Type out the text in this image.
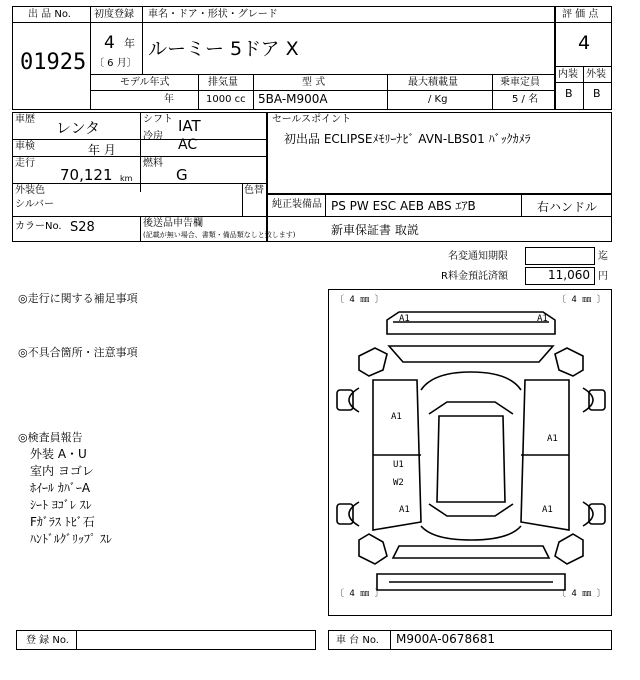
出 品 No.
01925
初度登録
4 年
〔 6 月〕
車名・ドア・形状・グレード
ルーミー 5ドア X
モデル年式
年
排気量
1000 cc
型 式
5BA-M900A
最大積載量
/ Kg
乗車定員
5 / 名
評 価 点
4
内装 外装
B B
車歴 レンタ	シフト IAT
車検	年 月
冷房
AC
走行
70,121 km
燃料
G
外装色
シルバー
色替
カラーNo. S28	後送品申告欄
(記載が無い場合、書類・備品類なしと致します)
セールスポイント
初出品 ECLIPSEﾒﾓﾘｰﾅﾋﾞ AVN-LBS01 ﾊﾞｯｸｶﾒﾗ
純正装備品 PS PW ESC AEB ABS ｴｱB	右ハンドル
新車保証書 取説
名変通知期限	迄
R料金預託済額	11,060 円
◎走行に関する補足事項
◎不具合箇所・注意事項
◎検査員報告
外装 A・U
室内 ヨゴレ
ﾎｲｰﾙ ｶﾊﾞｰA
ｼｰﾄ ﾖｺﾞﾚ ｽﾚ
Fｶﾞﾗｽ ﾄﾋﾞ石
ﾊﾝﾄﾞﾙｸﾞﾘｯﾌﾟ ｽﾚ
〔 4 ㎜ 〕	〔 4 ㎜ 〕
〔 4 ㎜ 〕	〔 4 ㎜ 〕
A1	A1
A1
A1
U1
W2
A1	A1
登 録 No.	車 台 No. M900A-0678681
